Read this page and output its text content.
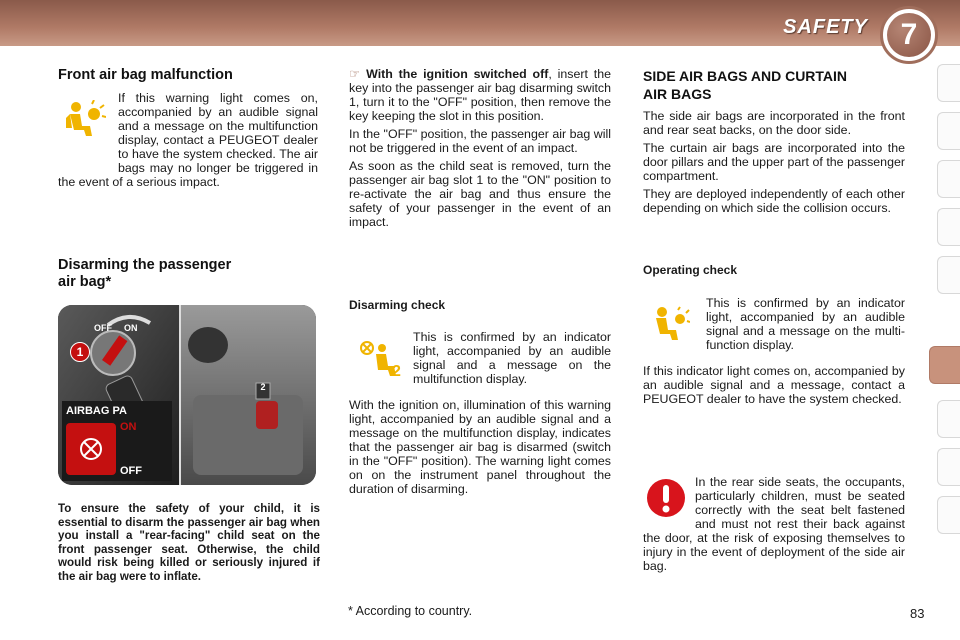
SAFETY	7
Front air bag malfunction

If this warning light comes on, accompanied by an audible signal and a message on the multifunction display, contact a PEUGEOT dealer to have the system checked. The air bags may no longer be triggered in the event of a serious impact.

Disarming the passenger
air bag*
OFF ON
1
2
AIRBAG PA
ON
OFF

To ensure the safety of your child, it is essential to disarm the passenger air bag when you install a "rear-facing" child seat on the front passenger seat. Otherwise, the child would risk being killed or seriously injured if the air bag were to inflate.

☞ With the ignition switched off, insert the key into the passenger air bag disarming switch 1, turn it to the "OFF" position, then remove the key keeping the slot in this position.

In the "OFF" position, the passenger air bag will not be triggered in the event of an impact.

As soon as the child seat is removed, turn the passenger air bag slot 1 to the "ON" position to re-activate the air bag and thus ensure the safety of your passenger in the event of an impact.

Disarming check
2

This is confirmed by an indicator light, accompanied by an audible signal and a message on the multifunction display.

With the ignition on, illumination of this warning light, accompanied by an audible signal and a message on the multifunction display, indicates that the passenger air bag is disarmed (switch in the "OFF" position). The warning light comes on on the instrument panel throughout the duration of disarming.

SIDE AIR BAGS AND CURTAIN
AIR BAGS

The side air bags are incorporated in the front and rear seat backs, on the door side.

The curtain air bags are incorporated into the door pillars and the upper part of the passenger compartment.

They are deployed independently of each other depending on which side the collision occurs.

Operating check

This is confirmed by an indicator light, accompanied by an audible signal and a message on the multi-function display.

If this indicator light comes on, accompanied by an audible signal and a message, contact a PEUGEOT dealer to have the system checked.

In the rear side seats, the occupants, particularly children, must be seated correctly with the seat belt fastened and must not rest their back against the door, at the risk of exposing themselves to injury in the event of deployment of the side air bag.

* According to country.	83
